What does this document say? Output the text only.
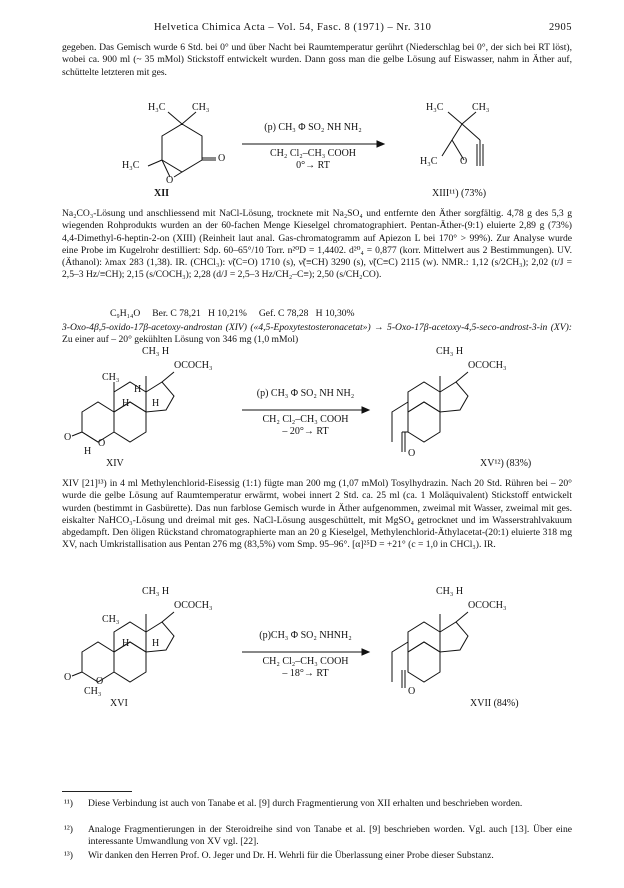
Helvetica Chimica Acta – Vol. 54, Fasc. 8 (1971) – Nr. 310	2905
gegeben. Das Gemisch wurde 6 Std. bei 0° und über Nacht bei Raumtemperatur gerührt (Niederschlag bei 0°, der sich bei RT löst), wobei ca. 900 ml (~ 35 mMol) Stickstoff entwickelt wurden. Dann goss man die gelbe Lösung auf Eiswasser, nahm in Äther auf, schüttelte letzteren mit ges.
H₃C	CH₃
H₃C
O
O
XII
(p) CH₃ Φ SO₂ NH NH₂
CH₂ Cl₂–CH₃ COOH
0°→ RT
H₃C	CH₃
H₃C O
XIII¹¹) (73%)
Na₂CO₃-Lösung und anschliessend mit NaCl-Lösung, trocknete mit Na₂SO₄ und entfernte den Äther sorgfältig. 4,78 g des 5,3 g wiegenden Rohprodukts wurden an der 60-fachen Menge Kieselgel chromatographiert. Pentan-Äther-(9:1) eluierte 2,89 g (73%) 4,4-Dimethyl-6-heptin-2-on (XIII) (Reinheit laut anal. Gas-chromatogramm auf Apiezon L bei 170° > 99%). Zur Analyse wurde eine Probe im Kugelrohr destilliert: Sdp. 60–65°/10 Torr. n²⁰D = 1,4402. d²⁰₄ = 0,877 (korr. Mittelwert aus 2 Bestimmungen). UV. (Äthanol): λmax 283 (1,38). IR. (CHCl₃): ν̃(C=O) 1710 (s), ν̃(≡CH) 3290 (s), ν̃(C≡C) 2115 (w). NMR.: 1,12 (s/2CH₃); 2,02 (t/J = 2,5–3 Hz/≡CH); 2,15 (s/COCH₃); 2,28 (d/J = 2,5–3 Hz/CH₂–C≡); 2,50 (s/CH₂CO).
C₉H₁₄O     Ber. C 78,21   H 10,21%     Gef. C 78,28   H 10,30%
3-Oxo-4β,5-oxido-17β-acetoxy-androstan (XIV) («4,5-Epoxytestosteronacetat») → 5-Oxo-17β-acetoxy-4,5-seco-androst-3-in (XV): Zu einer auf – 20° gekühlten Lösung von 346 mg (1,0 mMol)
CH₃ H
OCOCH₃
CH₃
H
H H
O
O
H
XIV
(p) CH₃ Φ SO₂ NH NH₂
CH₂ Cl₂–CH₃ COOH
– 20°→ RT
CH₃ H
OCOCH₃
O
XV¹²) (83%)
XIV [21]¹³) in 4 ml Methylenchlorid-Eisessig (1:1) fügte man 200 mg (1,07 mMol) Tosylhydrazin. Nach 20 Std. Rühren bei – 20° wurde die gelbe Lösung auf Raumtemperatur erwärmt, wobei innert 2 Std. ca. 25 ml (ca. 1 Moläquivalent) Stickstoff entwickelt wurden (bestimmt in Gasbürette). Das nun farblose Gemisch wurde in Äther aufgenommen, zweimal mit Wasser, zweimal mit ges. eiskalter NaHCO₃-Lösung und dreimal mit ges. NaCl-Lösung ausgeschüttelt, mit MgSO₄ getrocknet und im Wasserstrahlvakuum abgedampft. Den öligen Rückstand chromatographierte man an 20 g Kieselgel, Methylenchlorid-Äthylacetat-(20:1) eluierte 318 mg XV, nach Umkristallisation aus Pentan 276 mg (83,5%) vom Smp. 95–96°. [α]²⁵D = +21° (c = 1,0 in CHCl₃). IR.
CH₃ H
OCOCH₃
CH₃
H H
O O
CH₃
XVI
(p)CH₃ Φ SO₂ NHNH₂
CH₂ Cl₂–CH₃ COOH
– 18°→ RT
CH₃ H
OCOCH₃
O
XVII (84%)
¹¹)	Diese Verbindung ist auch von Tanabe et al. [9] durch Fragmentierung von XII erhalten und beschrieben worden.
¹²)	Analoge Fragmentierungen in der Steroidreihe sind von Tanabe et al. [9] beschrieben worden. Vgl. auch [13]. Über eine interessante Umwandlung von XV vgl. [22].
¹³)	Wir danken den Herren Prof. O. Jeger und Dr. H. Wehrli für die Überlassung einer Probe dieser Substanz.
